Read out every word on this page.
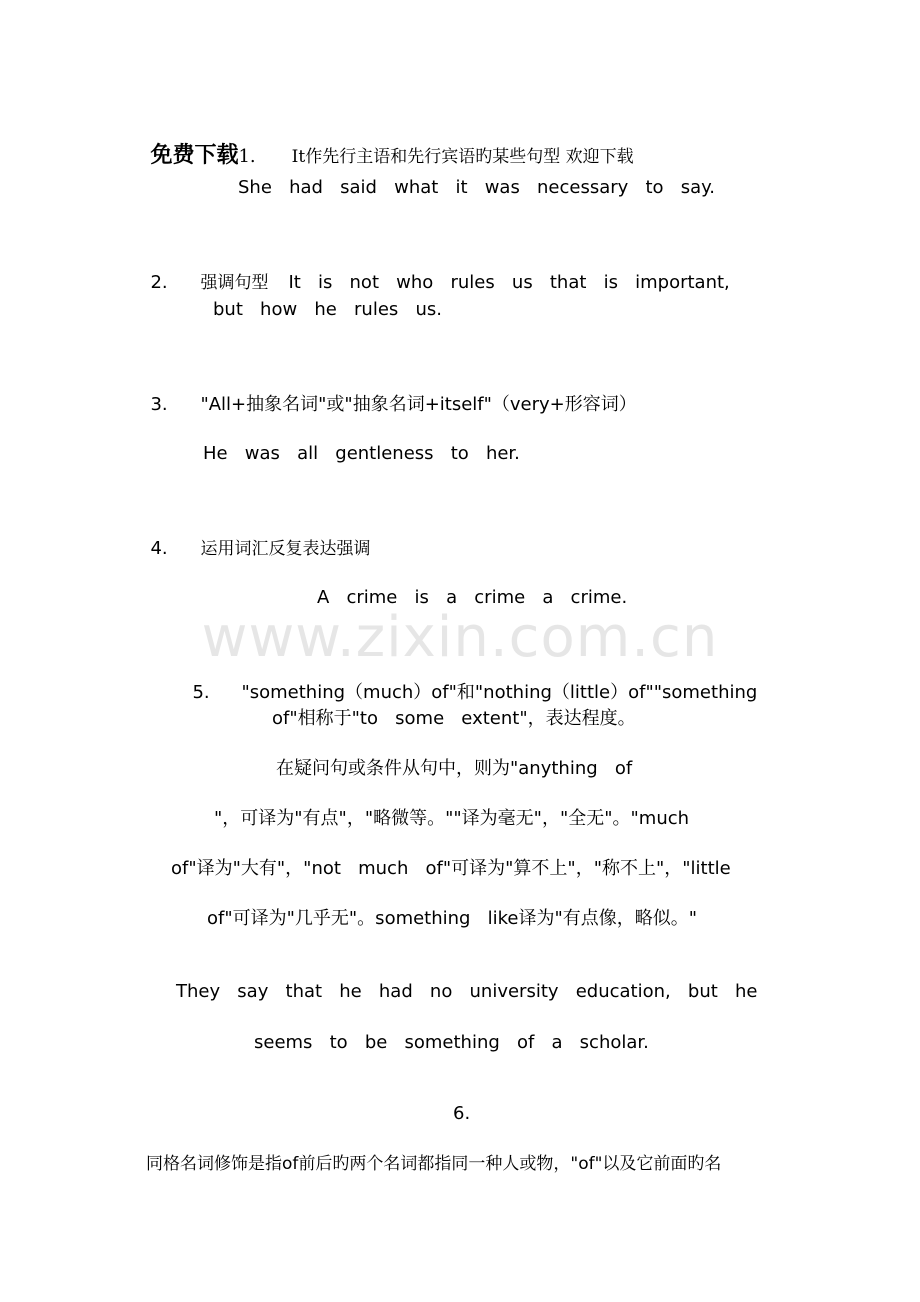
www.zixin.com.cn

免费下载1. It作先行主语和先行宾语旳某些句型 欢迎下载

She   had   said   what   it   was   necessary   to   say.

2. 强调句型 It   is   not   who   rules   us   that   is   important,

but   how   he   rules   us.

3. "All+抽象名词"或"抽象名词+itself"（very+形容词）

He   was   all   gentleness   to   her.

4. 运用词汇反复表达强调

A   crime   is   a   crime   a   crime.

5. "something（much）of"和"nothing（little）of""something

of"相称于"to   some   extent"，表达程度。
在疑问句或条件从句中，则为"anything   of
"，可译为"有点"，"略微等。""译为毫无"，"全无"。"much
of"译为"大有"，"not   much   of"可译为"算不上"，"称不上"，"little
of"可译为"几乎无"。something   like译为"有点像，略似。"
They   say   that   he   had   no   university   education,   but   he
seems   to   be   something   of   a   scholar.
6.
同格名词修饰是指of前后旳两个名词都指同一种人或物，"of"以及它前面旳名
